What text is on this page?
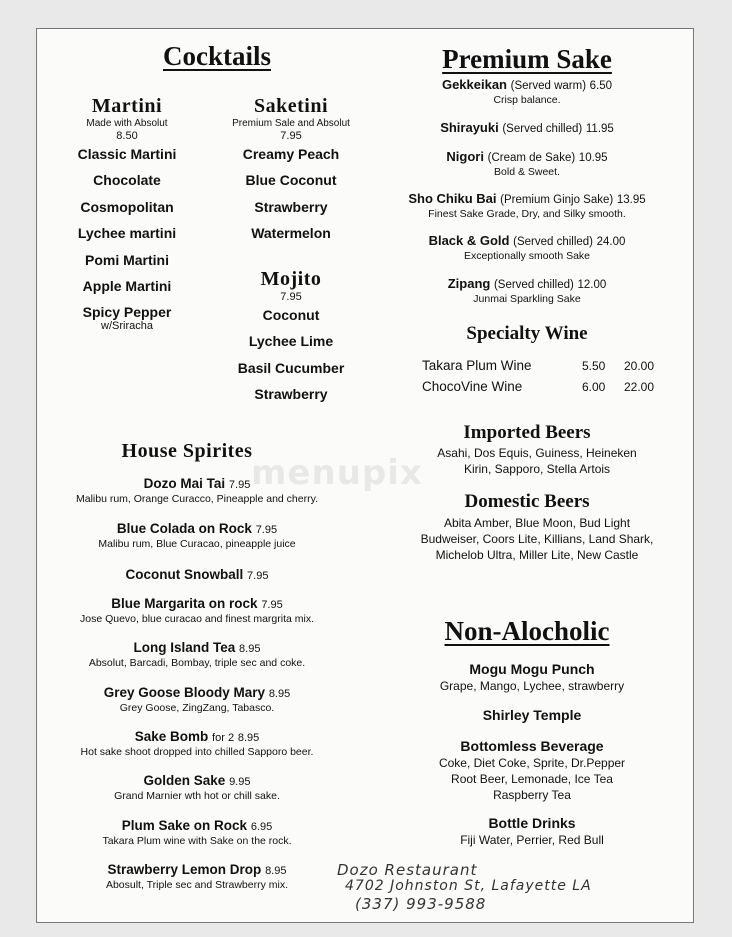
menupix
Cocktails
Martini
Made with Absolut
8.50
Classic Martini
Chocolate
Cosmopolitan
Lychee martini
Pomi Martini
Apple Martini
Spicy Pepper
w/Sriracha
Saketini
Premium Sale and Absolut
7.95
Creamy Peach
Blue Coconut
Strawberry
Watermelon
Mojito
7.95
Coconut
Lychee Lime
Basil Cucumber
Strawberry
House Spirites
Dozo Mai Tai 7.95
Malibu rum, Orange Curacco, Pineapple and cherry.
Blue Colada on Rock 7.95
Malibu rum, Blue Curacao, pineapple juice
Coconut Snowball 7.95
Blue Margarita on rock 7.95
Jose Quevo, blue curacao and finest margrita mix.
Long Island Tea 8.95
Absolut, Barcadi, Bombay, triple sec and coke.
Grey Goose Bloody Mary 8.95
Grey Goose, ZingZang, Tabasco.
Sake Bomb for 2 8.95
Hot sake shoot dropped into chilled Sapporo beer.
Golden Sake 9.95
Grand Marnier wth hot or chill sake.
Plum Sake on Rock 6.95
Takara Plum wine with Sake on the rock.
Strawberry Lemon Drop 8.95
Abosult, Triple sec and Strawberry mix.
Premium Sake
Gekkeikan (Served warm) 6.50
Crisp balance.
Shirayuki (Served chilled) 11.95
Nigori (Cream de Sake) 10.95
Bold & Sweet.
Sho Chiku Bai (Premium Ginjo Sake) 13.95
Finest Sake Grade, Dry, and Silky smooth.
Black & Gold (Served chilled) 24.00
Exceptionally smooth Sake
Zipang (Served chilled) 12.00
Junmai Sparkling Sake
Specialty Wine
Takara Plum Wine	5.50 20.00
ChocoVine Wine	6.00 22.00
Imported Beers
Asahi, Dos Equis, Guiness, Heineken
Kirin, Sapporo, Stella Artois
Domestic Beers
Abita Amber, Blue Moon, Bud Light
Budweiser, Coors Lite, Killians, Land Shark,
Michelob Ultra, Miller Lite, New Castle
Non-Alocholic
Mogu Mogu Punch
Grape, Mango, Lychee, strawberry
Shirley Temple
Bottomless Beverage
Coke, Diet Coke, Sprite, Dr.Pepper
Root Beer, Lemonade, Ice Tea
Raspberry Tea
Bottle Drinks
Fiji Water, Perrier, Red Bull
Dozo Restaurant
4702 Johnston St, Lafayette LA
(337) 993-9588
